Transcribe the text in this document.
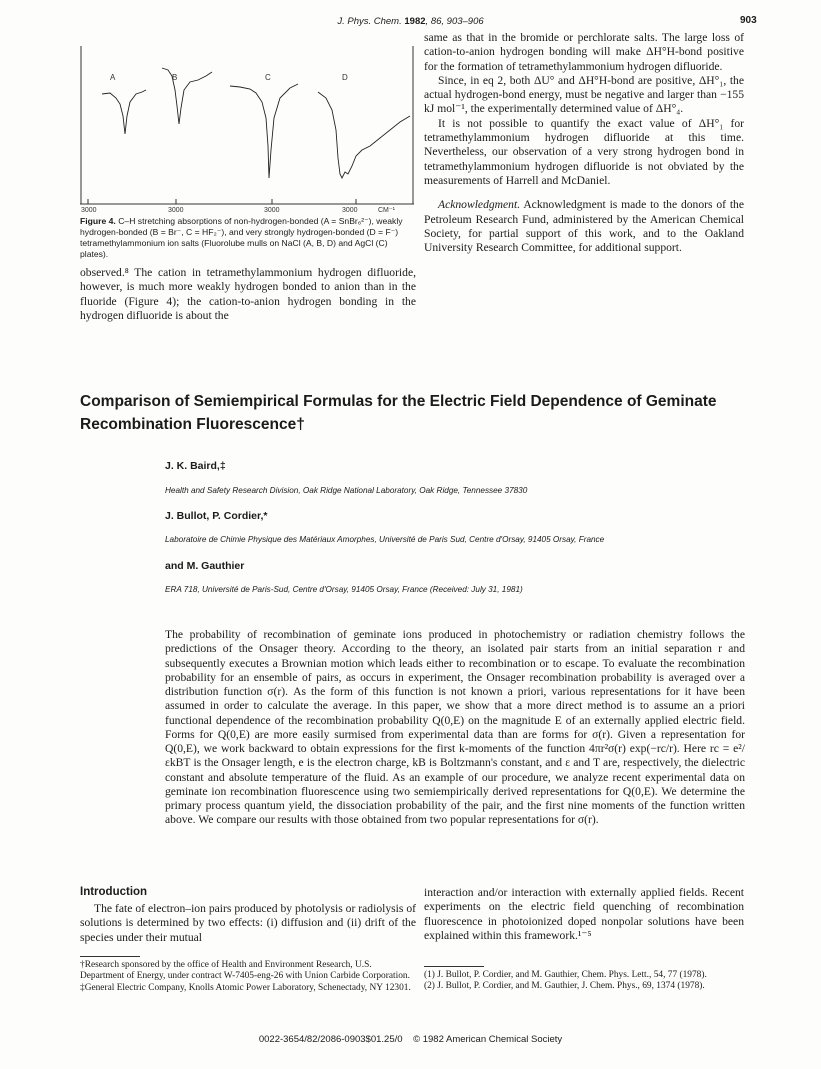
J. Phys. Chem. 1982, 86, 903–906	903
A	B	C	D
3000	3000	3000	3000	CM⁻¹
Figure 4. C–H stretching absorptions of non-hydrogen-bonded (A = SnBr₆²⁻), weakly hydrogen-bonded (B = Br⁻, C = HF₂⁻), and very strongly hydrogen-bonded (D = F⁻) tetramethylammonium ion salts (Fluorolube mulls on NaCl (A, B, D) and AgCl (C) plates).

observed.⁸ The cation in tetramethylammonium hydrogen difluoride, however, is much more weakly hydrogen bonded to anion than in the fluoride (Figure 4); the cation-to-anion hydrogen bonding in the hydrogen difluoride is about the

same as that in the bromide or perchlorate salts. The large loss of cation-to-anion hydrogen bonding will make ΔH°H-bond positive for the formation of tetramethylammonium hydrogen difluoride.

Since, in eq 2, both ΔU° and ΔH°H-bond are positive, ΔH°₁, the actual hydrogen-bond energy, must be negative and larger than −155 kJ mol⁻¹, the experimentally determined value of ΔH°₄.

It is not possible to quantify the exact value of ΔH°₁ for tetramethylammonium hydrogen difluoride at this time. Nevertheless, our observation of a very strong hydrogen bond in tetramethylammonium hydrogen difluoride is not obviated by the measurements of Harrell and McDaniel.

Acknowledgment. Acknowledgment is made to the donors of the Petroleum Research Fund, administered by the American Chemical Society, for partial support of this work, and to the Oakland University Research Committee, for additional support.

Comparison of Semiempirical Formulas for the Electric Field Dependence of Geminate
Recombination Fluorescence†
J. K. Baird,‡
Health and Safety Research Division, Oak Ridge National Laboratory, Oak Ridge, Tennessee 37830
J. Bullot, P. Cordier,*
Laboratoire de Chimie Physique des Matériaux Amorphes, Université de Paris Sud, Centre d'Orsay, 91405 Orsay, France
and M. Gauthier
ERA 718, Université de Paris-Sud, Centre d'Orsay, 91405 Orsay, France (Received: July 31, 1981)

The probability of recombination of geminate ions produced in photochemistry or radiation chemistry follows the predictions of the Onsager theory. According to the theory, an isolated pair starts from an initial separation r and subsequently executes a Brownian motion which leads either to recombination or to escape. To evaluate the recombination probability for an ensemble of pairs, as occurs in experiment, the Onsager recombination probability is averaged over a distribution function σ(r). As the form of this function is not known a priori, various representations for it have been assumed in order to calculate the average. In this paper, we show that a more direct method is to assume an a priori functional dependence of the recombination probability Q(0,E) on the magnitude E of an externally applied electric field. Forms for Q(0,E) are more easily surmised from experimental data than are forms for σ(r). Given a representation for Q(0,E), we work backward to obtain expressions for the first k-moments of the function 4πr²σ(r) exp(−rc/r). Here rc = e²/εkBT is the Onsager length, e is the electron charge, kB is Boltzmann's constant, and ε and T are, respectively, the dielectric constant and absolute temperature of the fluid. As an example of our procedure, we analyze recent experimental data on geminate ion recombination fluorescence using two semiempirically derived representations for Q(0,E). We determine the primary process quantum yield, the dissociation probability of the pair, and the first nine moments of the function written above. We compare our results with those obtained from two popular representations for σ(r).

Introduction

The fate of electron–ion pairs produced by photolysis or radiolysis of solutions is determined by two effects: (i) diffusion and (ii) drift of the species under their mutual

interaction and/or interaction with externally applied fields. Recent experiments on the electric field quenching of recombination fluorescence in photoionized doped nonpolar solutions have been explained within this framework.¹⁻⁵

†Research sponsored by the office of Health and Environment Research, U.S. Department of Energy, under contract W-7405-eng-26 with Union Carbide Corporation.

‡General Electric Company, Knolls Atomic Power Laboratory, Schenectady, NY 12301.

(1) J. Bullot, P. Cordier, and M. Gauthier, Chem. Phys. Lett., 54, 77 (1978).

(2) J. Bullot, P. Cordier, and M. Gauthier, J. Chem. Phys., 69, 1374 (1978).

0022-3654/82/2086-0903$01.25/0 © 1982 American Chemical Society
